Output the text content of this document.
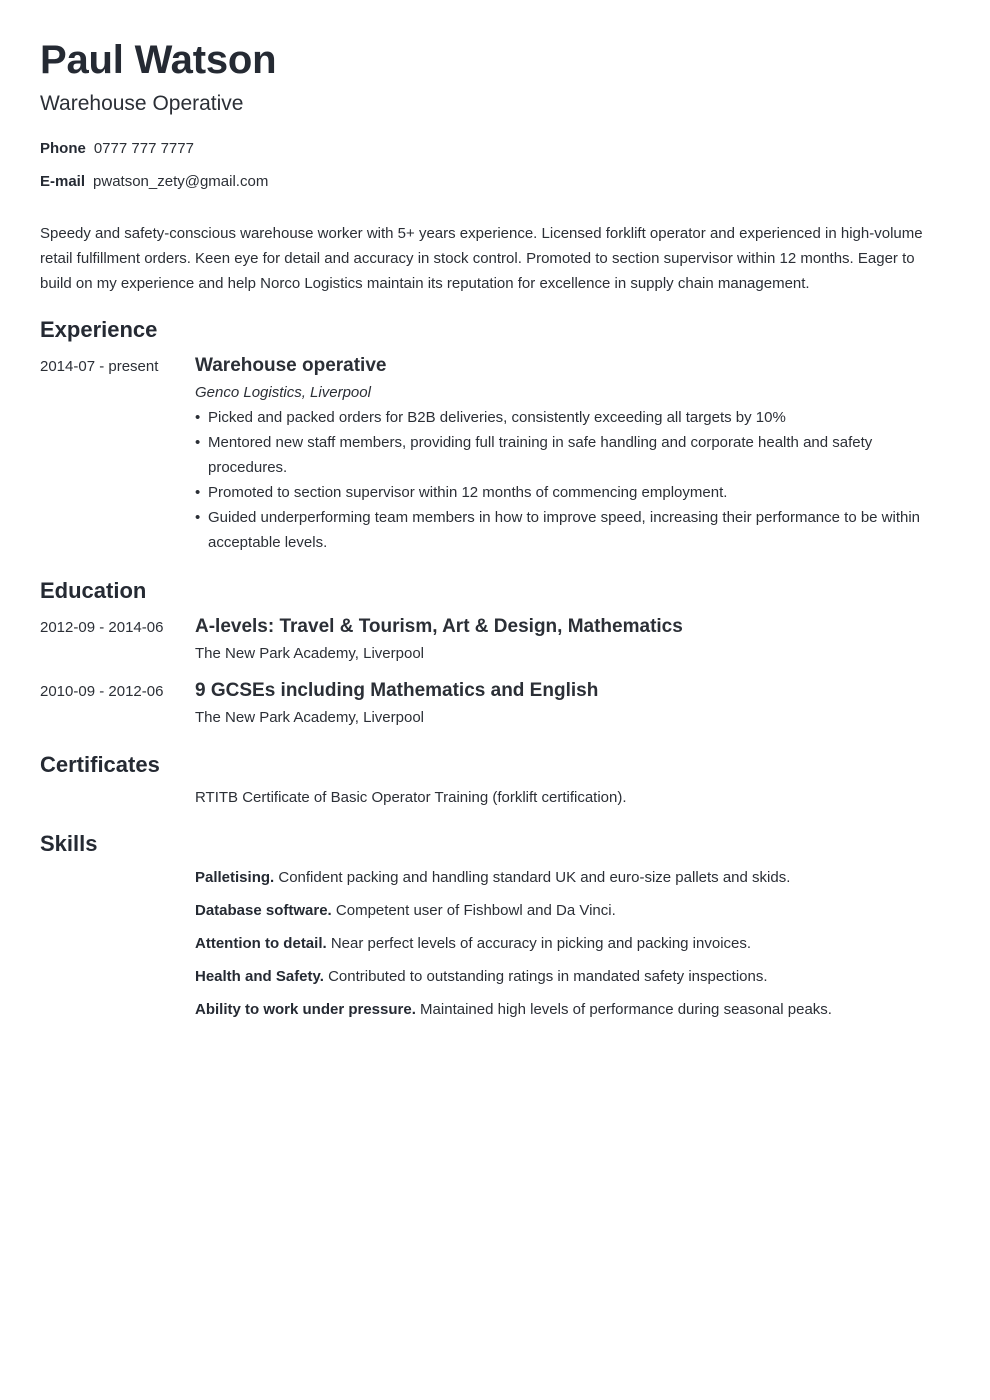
Paul Watson
Warehouse Operative
Phone 0777 777 7777
E-mail pwatson_zety@gmail.com
Speedy and safety-conscious warehouse worker with 5+ years experience. Licensed forklift operator and experienced in high-volume retail fulfillment orders. Keen eye for detail and accuracy in stock control. Promoted to section supervisor within 12 months. Eager to build on my experience and help Norco Logistics maintain its reputation for excellence in supply chain management.
Experience
2014-07 - present	Warehouse operative
Genco Logistics, Liverpool
• Picked and packed orders for B2B deliveries, consistently exceeding all targets by 10%
• Mentored new staff members, providing full training in safe handling and corporate health and safety procedures.
• Promoted to section supervisor within 12 months of commencing employment.
• Guided underperforming team members in how to improve speed, increasing their performance to be within acceptable levels.
Education
2012-09 - 2014-06	A-levels: Travel & Tourism, Art & Design, Mathematics
The New Park Academy, Liverpool
2010-09 - 2012-06	9 GCSEs including Mathematics and English
The New Park Academy, Liverpool
Certificates
RTITB Certificate of Basic Operator Training (forklift certification).
Skills
Palletising. Confident packing and handling standard UK and euro-size pallets and skids.
Database software. Competent user of Fishbowl and Da Vinci.
Attention to detail. Near perfect levels of accuracy in picking and packing invoices.
Health and Safety. Contributed to outstanding ratings in mandated safety inspections.
Ability to work under pressure. Maintained high levels of performance during seasonal peaks.
